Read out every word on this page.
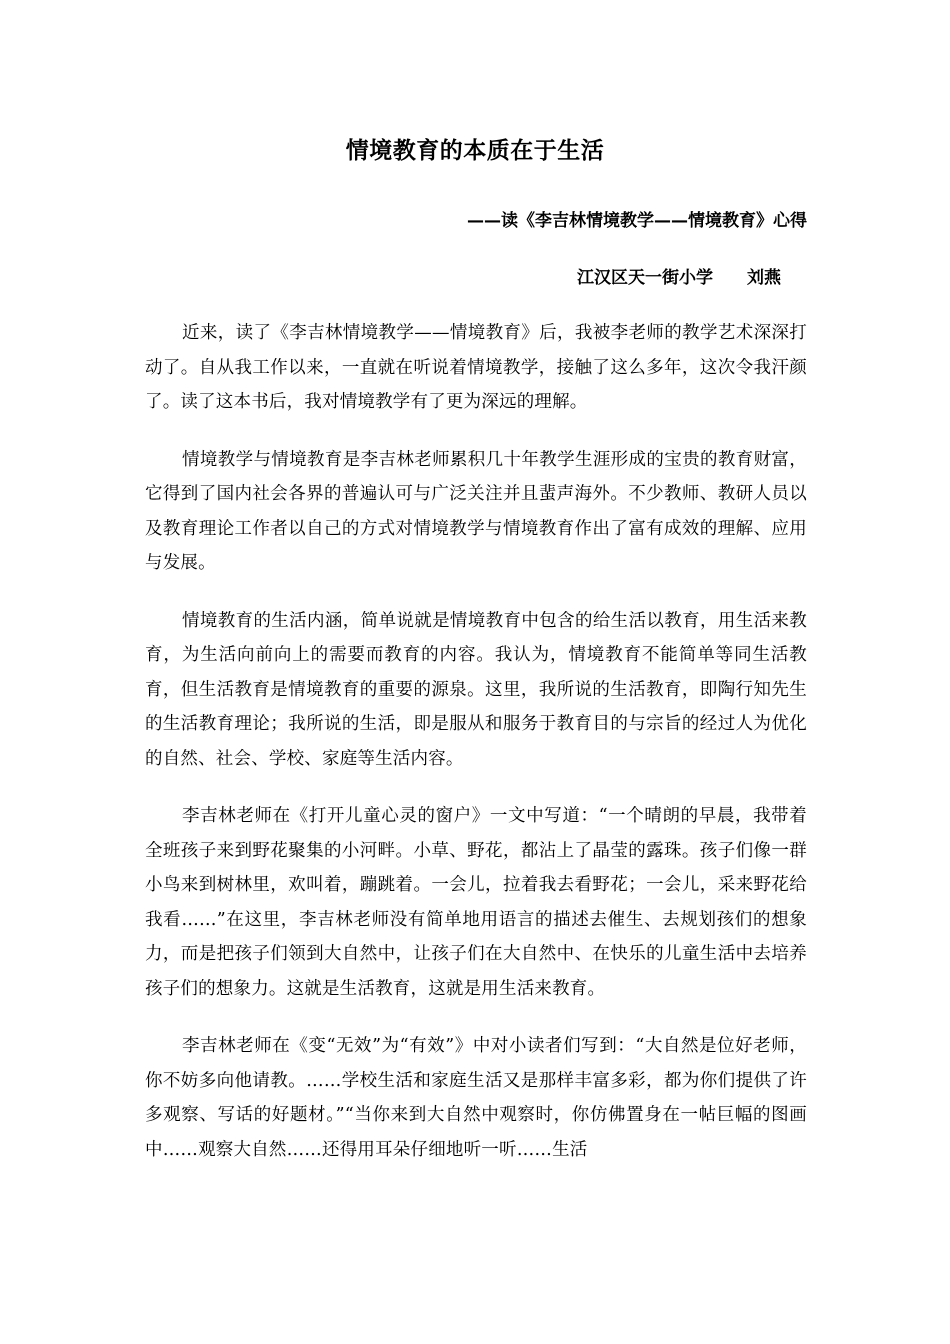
情境教育的本质在于生活

——读《李吉林情境教学——情境教育》心得

江汉区天一街小学 刘燕

近来，读了《李吉林情境教学——情境教育》后，我被李老师的教学艺术深深打动了。自从我工作以来，一直就在听说着情境教学，接触了这么多年，这次令我汗颜了。读了这本书后，我对情境教学有了更为深远的理解。

情境教学与情境教育是李吉林老师累积几十年教学生涯形成的宝贵的教育财富，它得到了国内社会各界的普遍认可与广泛关注并且蜚声海外。不少教师、教研人员以及教育理论工作者以自己的方式对情境教学与情境教育作出了富有成效的理解、应用与发展。

情境教育的生活内涵，简单说就是情境教育中包含的给生活以教育，用生活来教育，为生活向前向上的需要而教育的内容。我认为，情境教育不能简单等同生活教育，但生活教育是情境教育的重要的源泉。这里，我所说的生活教育，即陶行知先生的生活教育理论；我所说的生活，即是服从和服务于教育目的与宗旨的经过人为优化的自然、社会、学校、家庭等生活内容。

李吉林老师在《打开儿童心灵的窗户》一文中写道：“一个晴朗的早晨，我带着全班孩子来到野花聚集的小河畔。小草、野花，都沾上了晶莹的露珠。孩子们像一群小鸟来到树林里，欢叫着，蹦跳着。一会儿，拉着我去看野花；一会儿，采来野花给我看……”在这里，李吉林老师没有简单地用语言的描述去催生、去规划孩们的想象力，而是把孩子们领到大自然中，让孩子们在大自然中、在快乐的儿童生活中去培养孩子们的想象力。这就是生活教育，这就是用生活来教育。

李吉林老师在《变“无效”为“有效”》中对小读者们写到：“大自然是位好老师，你不妨多向他请教。……学校生活和家庭生活又是那样丰富多彩，都为你们提供了许多观察、写话的好题材。”“当你来到大自然中观察时，你仿佛置身在一帖巨幅的图画中……观察大自然……还得用耳朵仔细地听一听……生活
